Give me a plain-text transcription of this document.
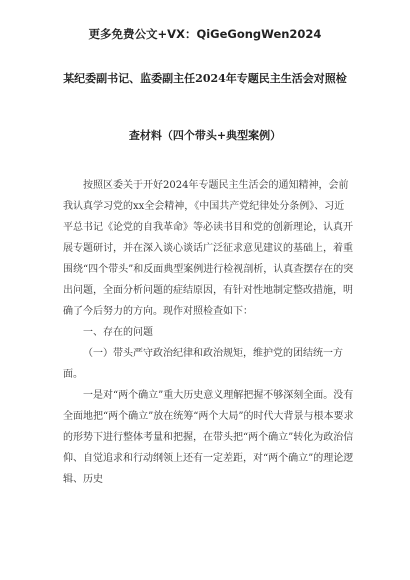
更多免费公文+VX：QiGeGongWen2024
某纪委副书记、监委副主任2024年专题民主生活会对照检
查材料（四个带头+典型案例）

按照区委关于开好2024年专题民主生活会的通知精神，会前我认真学习党的xx全会精神，《中国共产党纪律处分条例》、习近平总书记《论党的自我革命》等必读书目和党的创新理论，认真开展专题研讨，并在深入谈心谈话广泛征求意见建议的基础上，着重围绕“四个带头”和反面典型案例进行检视剖析，认真查摆存在的突出问题，全面分析问题的症结原因，有针对性地制定整改措施，明确了今后努力的方向。现作对照检查如下：

一、存在的问题

（一）带头严守政治纪律和政治规矩，维护党的团结统一方面。

一是对“两个确立”重大历史意义理解把握不够深刻全面。没有全面地把“两个确立”放在统筹“两个大局”的时代大背景与根本要求的形势下进行整体考量和把握，在带头把“两个确立”转化为政治信仰、自觉追求和行动纲领上还有一定差距，对“两个确立”的理论逻辑、历史
